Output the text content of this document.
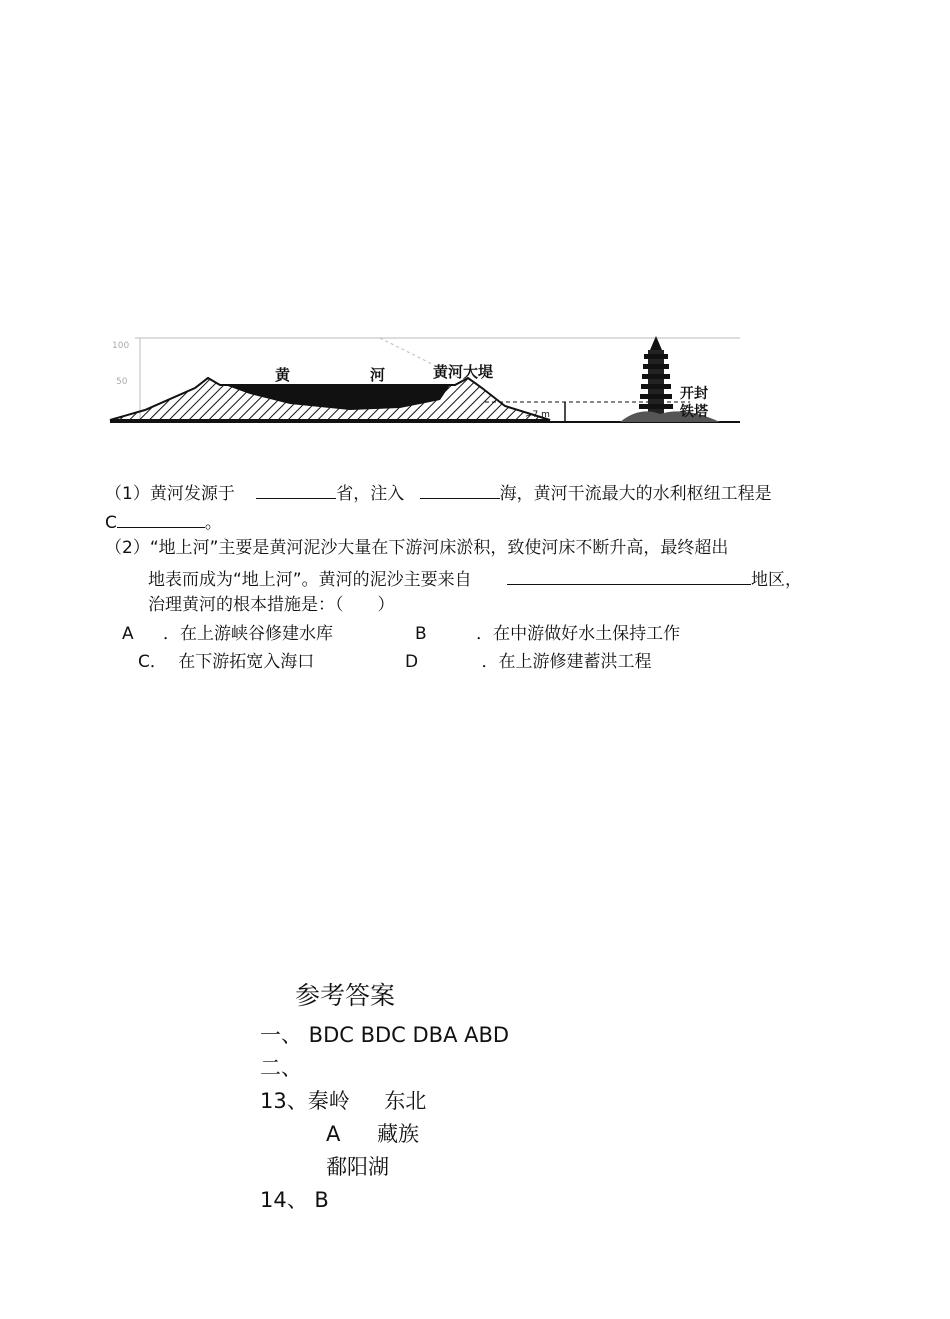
100
50
>7 m
黄	河	黄河大堤
开封
铁塔
（1）黄河发源于	省，注入	海，黄河干流最大的水利枢纽工程是
C	。
（2）“地上河”主要是黄河泥沙大量在下游河床淤积，致使河床不断升高，最终超出
地表而成为“地上河”。黄河的泥沙主要来自	地区，
治理黄河的根本措施是：（　　）
A ．在上游峡谷修建水库	B	．在中游做好水土保持工作
C． 在下游拓宽入海口	D	．在上游修建蓄洪工程
参考答案
一、 BDC BDC DBA ABD
二、
13、秦岭 东北
A 藏族
鄱阳湖
14、 B
